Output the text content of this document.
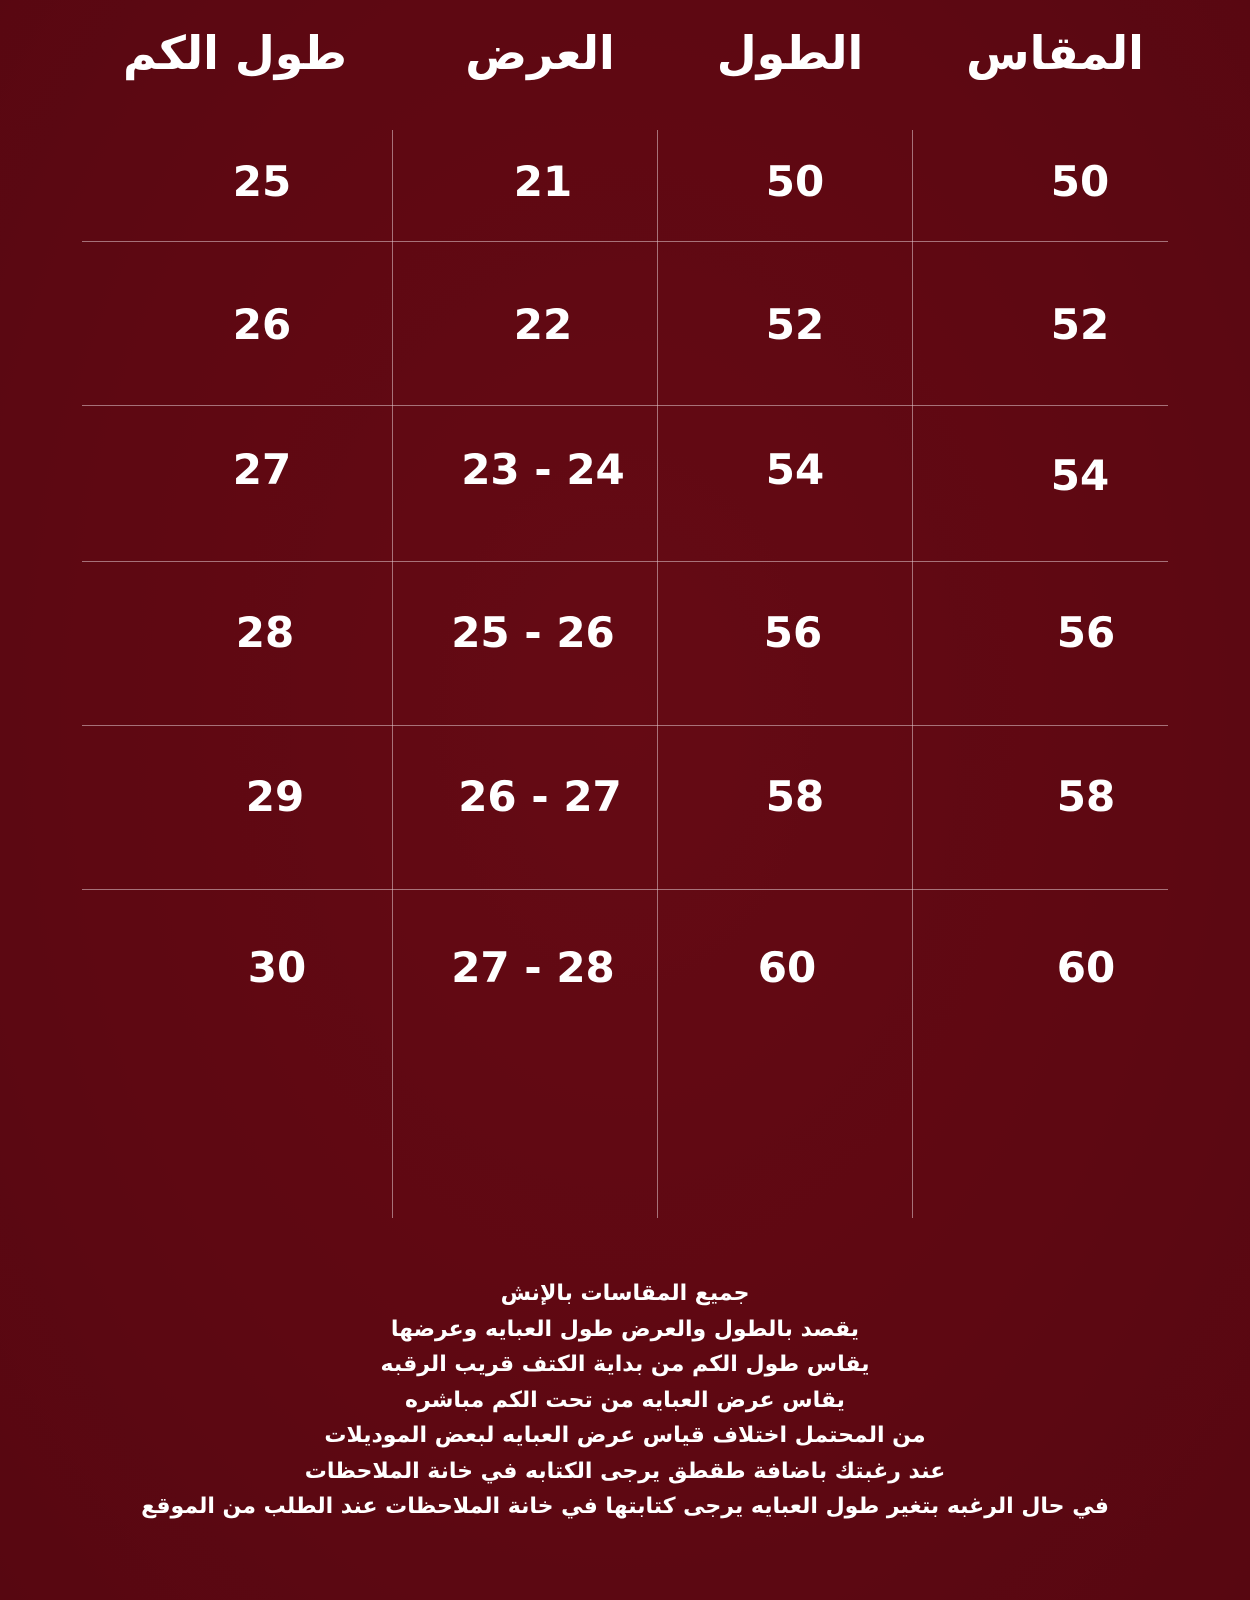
المقاس
الطول
العرض
طول الكم
50
50
21
25
52
52
22
26
54
54
23 - 24
27
56
56
25 - 26
28
58
58
26 - 27
29
60
60
27 - 28
30
جميع المقاسات بالإنش
يقصد بالطول والعرض طول العبايه وعرضها
يقاس طول الكم من بداية الكتف قريب الرقبه
يقاس عرض العبايه من تحت الكم مباشره
من المحتمل اختلاف قياس عرض العبايه لبعض الموديلات
عند رغبتك باضافة طقطق يرجى الكتابه في خانة الملاحظات
في حال الرغبه بتغير طول العبايه يرجى كتابتها في خانة الملاحظات عند الطلب من الموقع
